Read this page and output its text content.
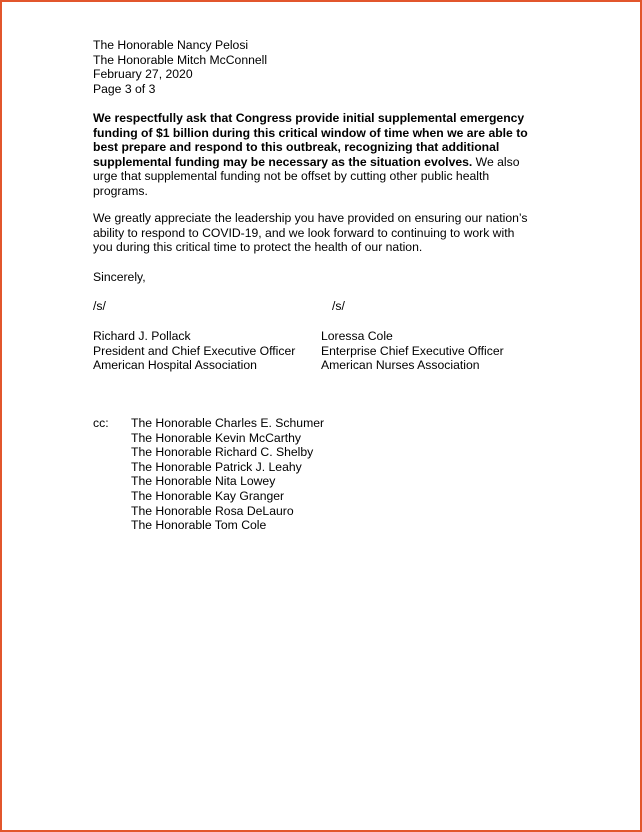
The Honorable Nancy Pelosi
The Honorable Mitch McConnell
February 27, 2020
Page 3 of 3
We respectfully ask that Congress provide initial supplemental emergency
funding of $1 billion during this critical window of time when we are able to
best prepare and respond to this outbreak, recognizing that additional
supplemental funding may be necessary as the situation evolves. We also
urge that supplemental funding not be offset by cutting other public health
programs.
We greatly appreciate the leadership you have provided on ensuring our nation’s
ability to respond to COVID-19, and we look forward to continuing to work with
you during this critical time to protect the health of our nation.
Sincerely,
/s/	/s/
Richard J. Pollack
President and Chief Executive Officer
American Hospital Association
Loressa Cole
Enterprise Chief Executive Officer
American Nurses Association
cc: The Honorable Charles E. Schumer
The Honorable Kevin McCarthy
The Honorable Richard C. Shelby
The Honorable Patrick J. Leahy
The Honorable Nita Lowey
The Honorable Kay Granger
The Honorable Rosa DeLauro
The Honorable Tom Cole
